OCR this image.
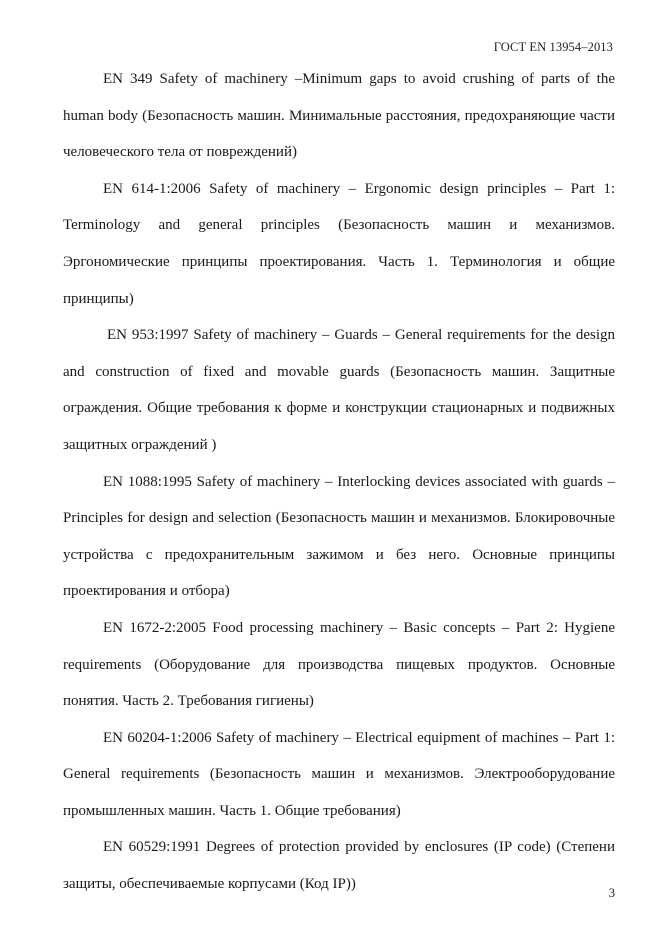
ГОСТ EN 13954–2013

EN 349 Safety of machinery –Minimum gaps to avoid crushing of parts of the human body (Безопасность машин. Минимальные расстояния, предохраняющие части человеческого тела от повреждений)

EN 614-1:2006 Safety of machinery – Ergonomic design principles – Part 1: Terminology and general principles (Безопасность машин и механизмов. Эргономические принципы проектирования. Часть 1. Терминология и общие принципы)

EN 953:1997 Safety of machinery – Guards – General requirements for the design and construction of fixed and movable guards (Безопасность машин. Защитные ограждения. Общие требования к форме и конструкции стационарных и подвижных защитных ограждений )

EN 1088:1995 Safety of machinery – Interlocking devices associated with guards – Principles for design and selection (Безопасность машин и механизмов. Блокировочные устройства с предохранительным зажимом и без него. Основные принципы проектирования и отбора)

EN 1672-2:2005 Food processing machinery – Basic concepts – Part 2: Hygiene requirements (Оборудование для производства пищевых продуктов. Основные понятия. Часть 2. Требования гигиены)

EN 60204-1:2006 Safety of machinery – Electrical equipment of machines – Part 1: General requirements (Безопасность машин и механизмов. Электрооборудование промышленных машин. Часть 1. Общие требования)

EN 60529:1991 Degrees of protection provided by enclosures (IP code) (Степени защиты, обеспечиваемые корпусами (Код IP))

3
